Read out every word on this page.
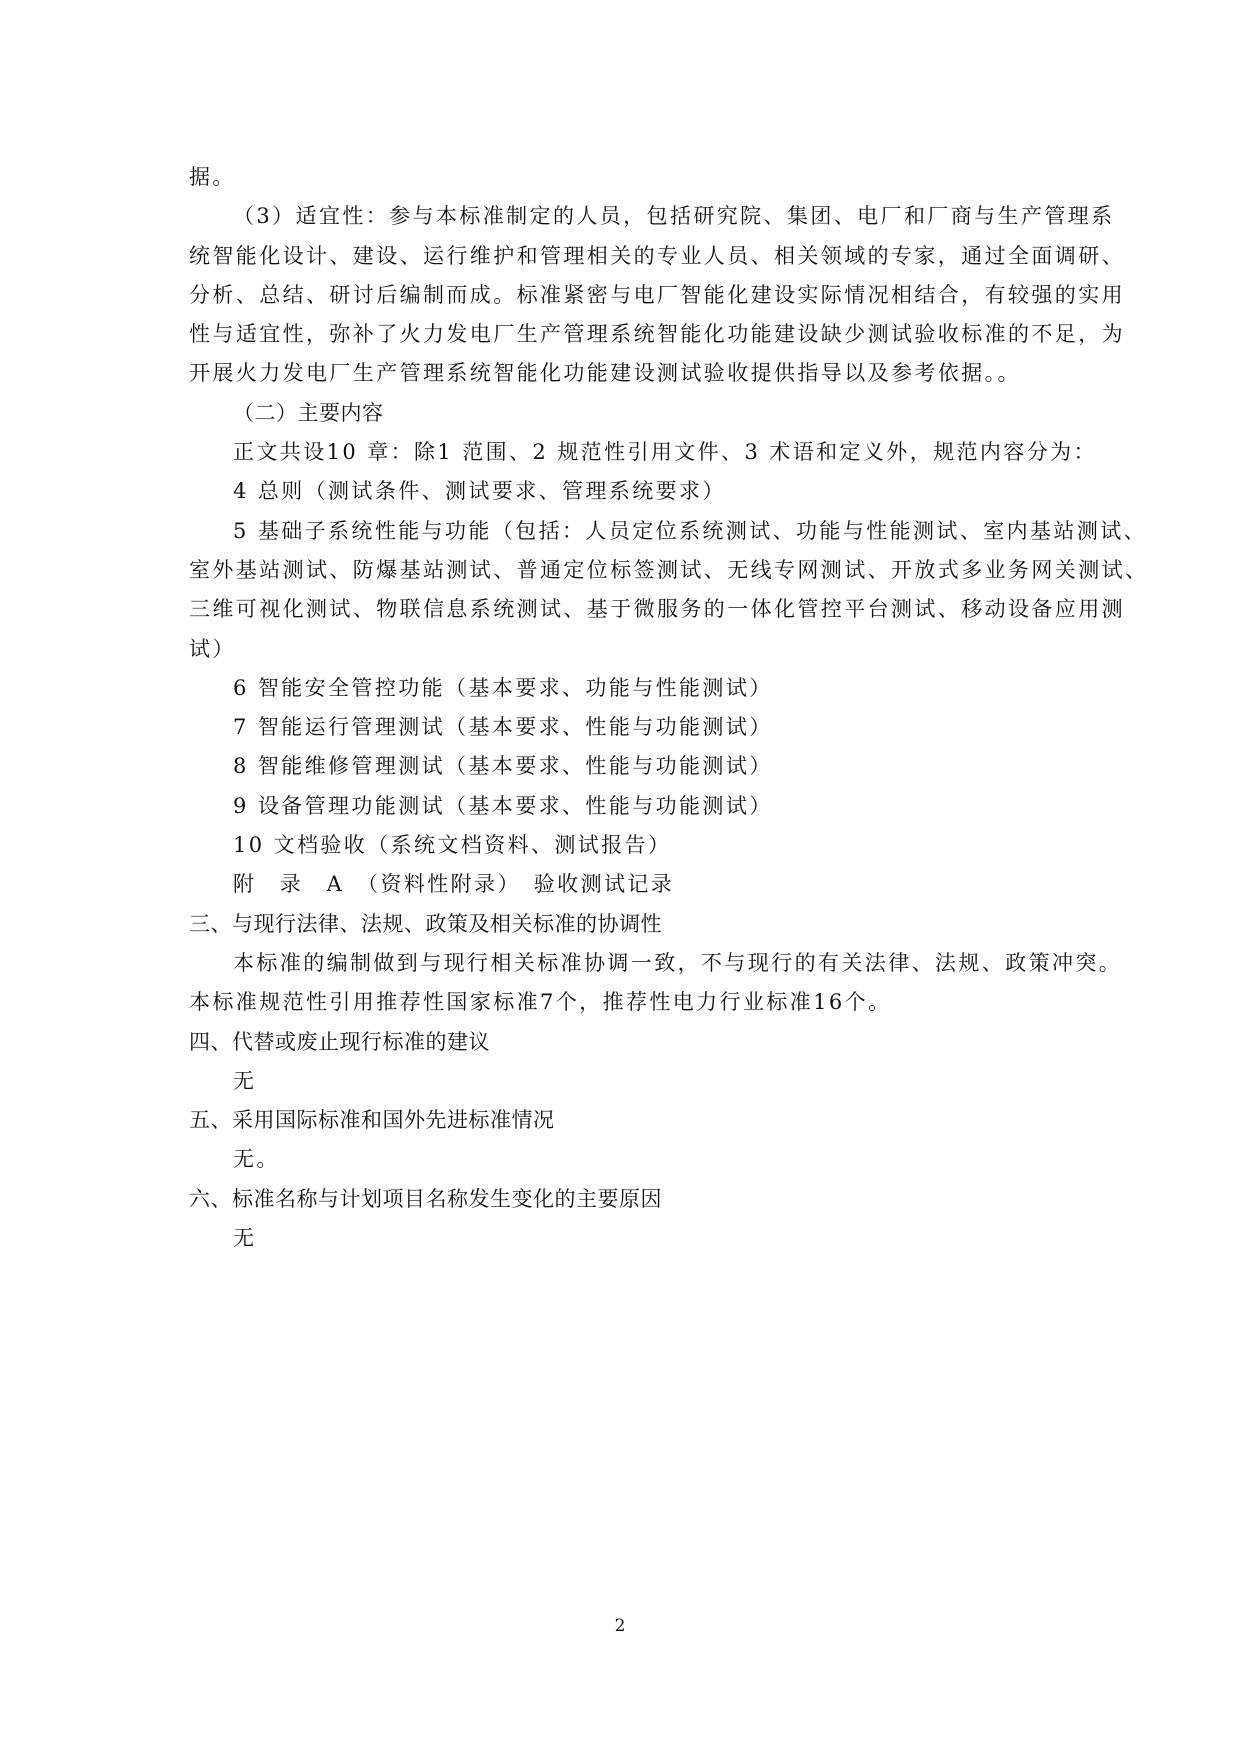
据。
（3）适宜性：参与本标准制定的人员，包括研究院、集团、电厂和厂商与生产管理系
统智能化设计、建设、运行维护和管理相关的专业人员、相关领域的专家，通过全面调研、
分析、总结、研讨后编制而成。标准紧密与电厂智能化建设实际情况相结合，有较强的实用
性与适宜性，弥补了火力发电厂生产管理系统智能化功能建设缺少测试验收标准的不足，为
开展火力发电厂生产管理系统智能化功能建设测试验收提供指导以及参考依据。。
（二）主要内容
正文共设10 章：除1 范围、2 规范性引用文件、3 术语和定义外，规范内容分为：
4 总则（测试条件、测试要求、管理系统要求）
5 基础子系统性能与功能（包括：人员定位系统测试、功能与性能测试、室内基站测试、
室外基站测试、防爆基站测试、普通定位标签测试、无线专网测试、开放式多业务网关测试、
三维可视化测试、物联信息系统测试、基于微服务的一体化管控平台测试、移动设备应用测
试）
6 智能安全管控功能（基本要求、功能与性能测试）
7 智能运行管理测试（基本要求、性能与功能测试）
8 智能维修管理测试（基本要求、性能与功能测试）
9 设备管理功能测试（基本要求、性能与功能测试）
10 文档验收（系统文档资料、测试报告）
附　录　A　（资料性附录）　验收测试记录
三、与现行法律、法规、政策及相关标准的协调性
本标准的编制做到与现行相关标准协调一致，不与现行的有关法律、法规、政策冲突。
本标准规范性引用推荐性国家标准7个，推荐性电力行业标准16个。
四、代替或废止现行标准的建议
无
五、采用国际标准和国外先进标准情况
无。
六、标准名称与计划项目名称发生变化的主要原因
无
2
